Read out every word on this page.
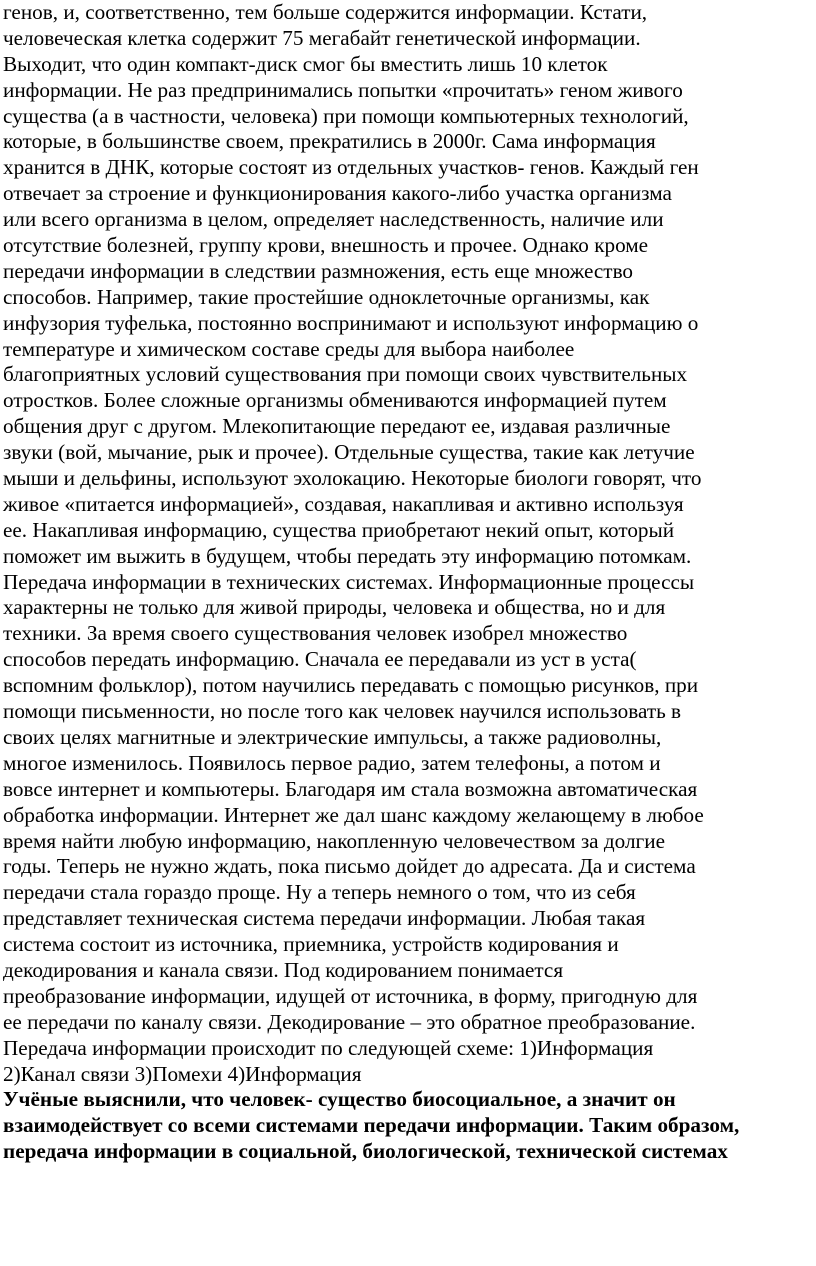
генов, и, соответственно, тем больше содержится информации. Кстати,
человеческая клетка содержит 75 мегабайт генетической информации.
Выходит, что один компакт-диск смог бы вместить лишь 10 клеток
информации. Не раз предпринимались попытки «прочитать» геном живого
существа (а в частности, человека) при помощи компьютерных технологий,
которые, в большинстве своем, прекратились в 2000г. Сама информация
хранится в ДНК, которые состоят из отдельных участков- генов. Каждый ген
отвечает за строение и функционирования какого-либо участка организма
или всего организма в целом, определяет наследственность, наличие или
отсутствие болезней, группу крови, внешность и прочее. Однако кроме
передачи информации в следствии размножения, есть еще множество
способов. Например, такие простейшие одноклеточные организмы, как
инфузория туфелька, постоянно воспринимают и используют информацию о
температуре и химическом составе среды для выбора наиболее
благоприятных условий существования при помощи своих чувствительных
отростков. Более сложные организмы обмениваются информацией путем
общения друг с другом. Млекопитающие передают ее, издавая различные
звуки (вой, мычание, рык и прочее). Отдельные существа, такие как летучие
мыши и дельфины, используют эхолокацию. Некоторые биологи говорят, что
живое «питается информацией», создавая, накапливая и активно используя
ее. Накапливая информацию, существа приобретают некий опыт, который
поможет им выжить в будущем, чтобы передать эту информацию потомкам.
Передача информации в технических системах. Информационные процессы
характерны не только для живой природы, человека и общества, но и для
техники. За время своего существования человек изобрел множество
способов передать информацию. Сначала ее передавали из уст в уста(
вспомним фольклор), потом научились передавать с помощью рисунков, при
помощи письменности, но после того как человек научился использовать в
своих целях магнитные и электрические импульсы, а также радиоволны,
многое изменилось. Появилось первое радио, затем телефоны, а потом и
вовсе интернет и компьютеры. Благодаря им стала возможна автоматическая
обработка информации. Интернет же дал шанс каждому желающему в любое
время найти любую информацию, накопленную человечеством за долгие
годы. Теперь не нужно ждать, пока письмо дойдет до адресата. Да и система
передачи стала гораздо проще. Ну а теперь немного о том, что из себя
представляет техническая система передачи информации. Любая такая
система состоит из источника, приемника, устройств кодирования и
декодирования и канала связи. Под кодированием понимается
преобразование информации, идущей от источника, в форму, пригодную для
ее передачи по каналу связи. Декодирование – это обратное преобразование.
Передача информации происходит по следующей схеме: 1)Информация
2)Канал связи 3)Помехи 4)Информация
Учёные выяснили, что человек- существо биосоциальное, а значит он
взаимодействует со всеми системами передачи информации. Таким образом,
передача информации в социальной, биологической, технической системах
